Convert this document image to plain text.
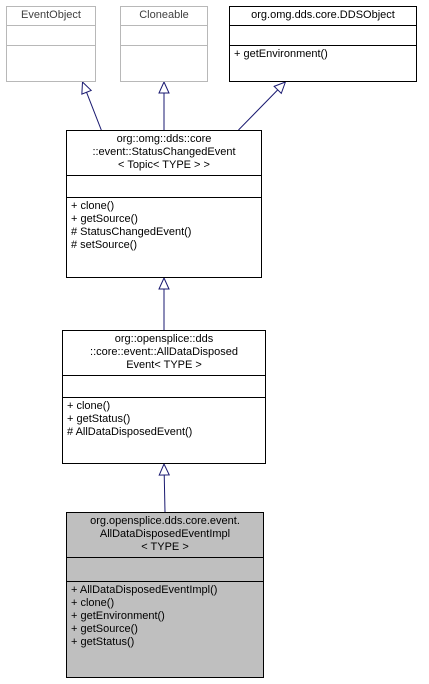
EventObject	Cloneable	org.omg.dds.core.DDSObject
+ getEnvironment()
org::omg::dds::core
::event::StatusChangedEvent
< Topic< TYPE > >
+ clone()
+ getSource()
# StatusChangedEvent()
# setSource()
org::opensplice::dds
::core::event::AllDataDisposed
Event< TYPE >
+ clone()
+ getStatus()
# AllDataDisposedEvent()
org.opensplice.dds.core.event.
AllDataDisposedEventImpl
< TYPE >
+ AllDataDisposedEventImpl()
+ clone()
+ getEnvironment()
+ getSource()
+ getStatus()
